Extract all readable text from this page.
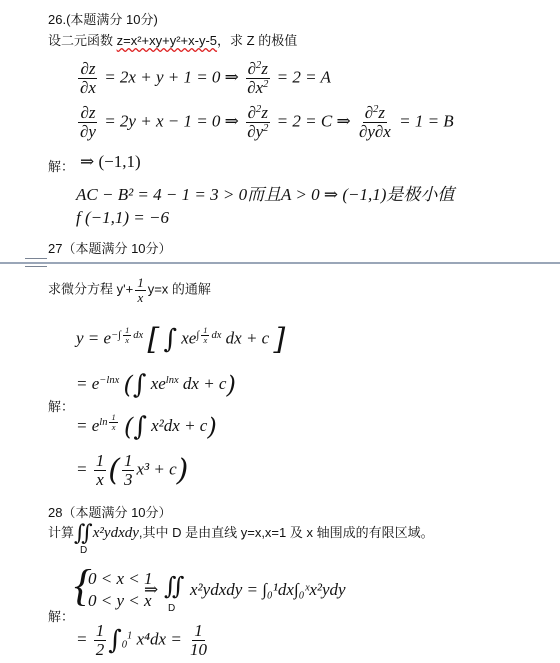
26.(本题满分 10分)
设二元函数 z=x²+xy+y²+x-y-5，求 Z 的极值
$\frac{\partial z}{\partial x} = 2x + y + 1 = 0$ ⇒ $\frac{\partial^2z}{\partial x^2} = 2 = A$
$\frac{\partial z}{\partial y} = 2y + x - 1 = 0$ ⇒ $\frac{\partial^2z}{\partial y^2} = 2 = C$ ⇒ $\frac{\partial^2z}{\partial y\partial x} = 1 = B$
解： ⇒ (−1,1)
AC − B² = 4 − 1 = 3 > 0而且A > 0 ⇒ (−1,1)是极小值
f (−1,1) = −6
27（本题满分 10分）
求微分方程 $y'+ \frac{1}{x} y=x$ 的通解
$y = e^{-\int \frac{1}{x} dx}$ [ ∫ $xe^{\int \frac{1}{x} dx}$ dx + c ]
= $e^{-lnx}$ (∫ $xe^{lnx}$ dx + c)
解：
= $e^{ln \frac{1}{x}}$ (∫ x²dx + c)
= $\frac{1}{x}$ ( $\frac{1}{3} x^3 + c$)
28（本题满分 10分）
计算∬x²ydxdy,其中 D 是由直线 y=x,x=1 及 x 轴围成的有限区域。
D
{
0 < x < 1
0 < y < x
⇒ ∬
D
x²ydxdy = ∫₀¹dx∫₀ˣx²ydy
解：
= $\frac{1}{2} \int_0^1$ $x^4dx = \frac{1}{10}$
